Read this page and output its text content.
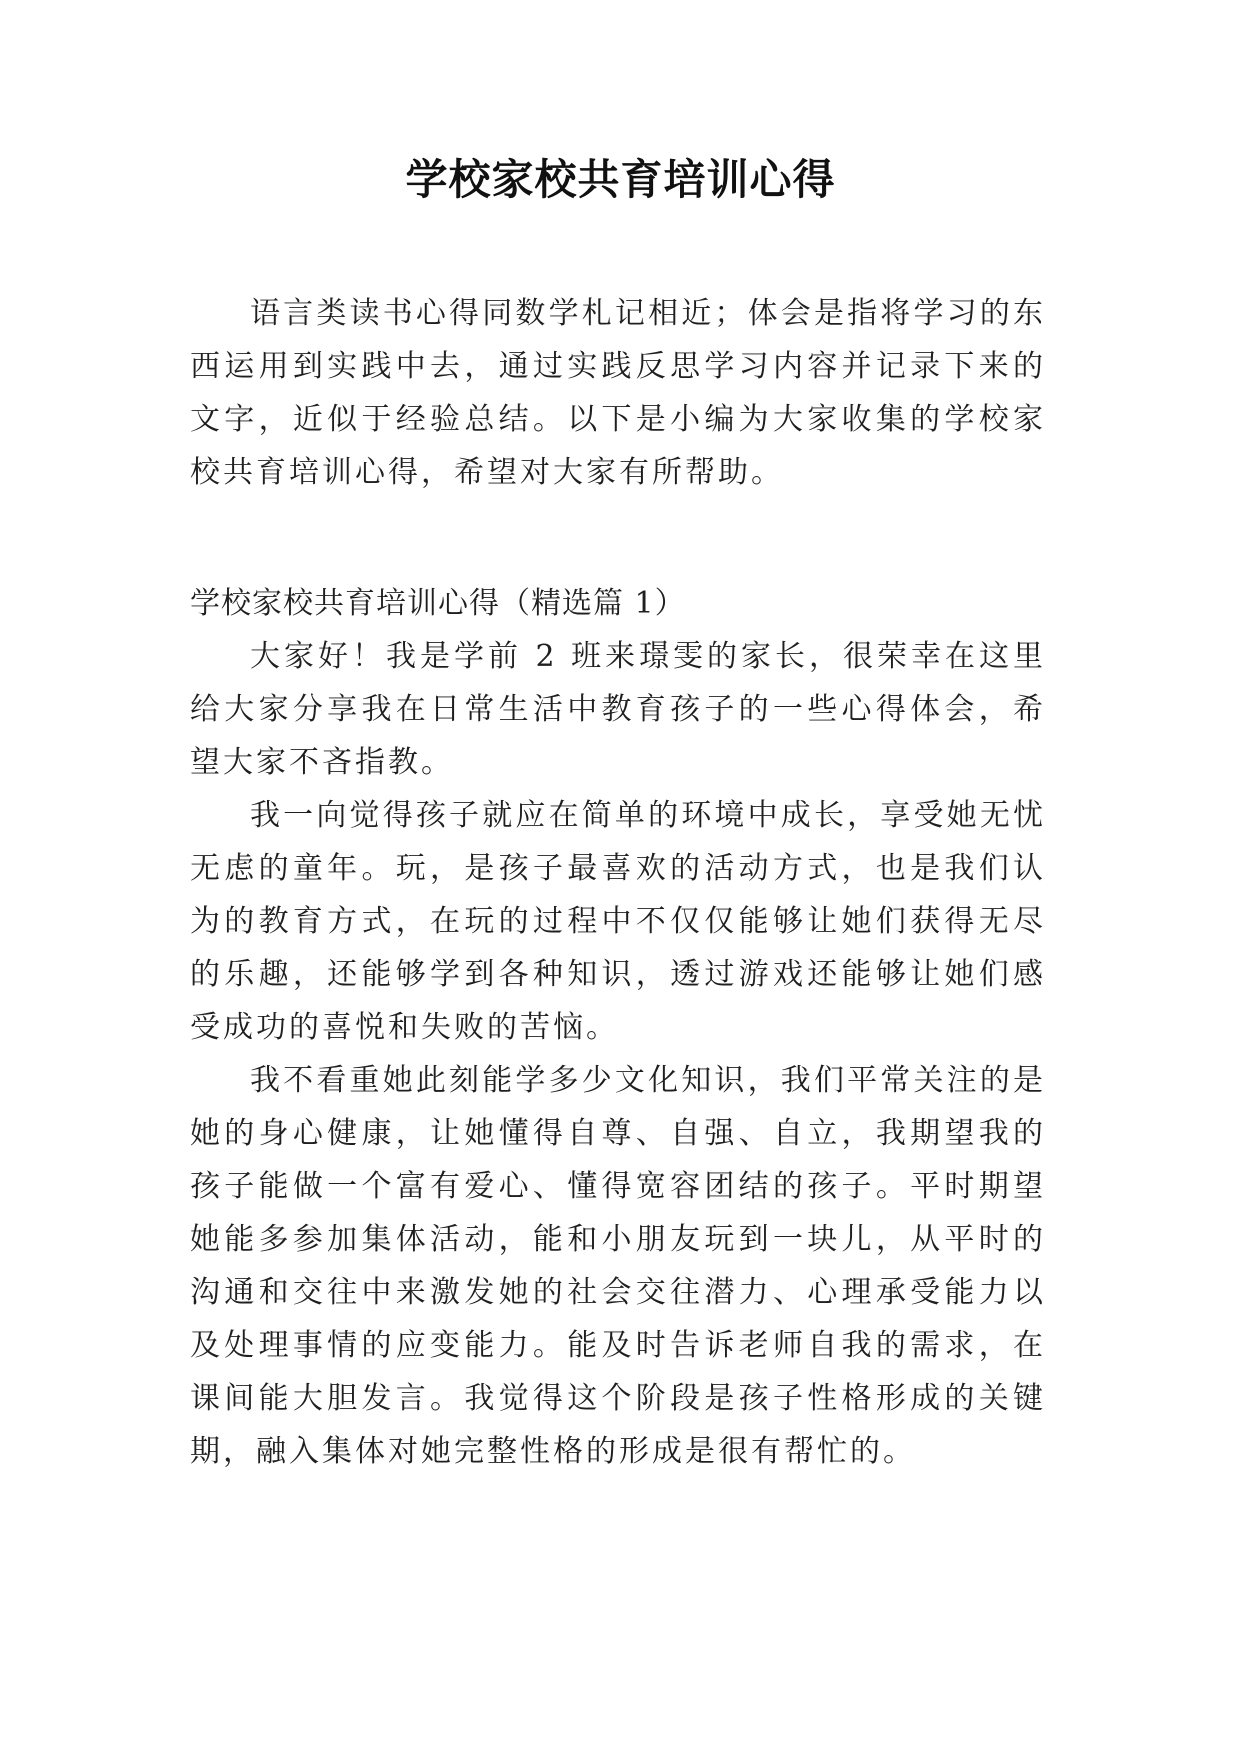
学校家校共育培训心得

语言类读书心得同数学札记相近；体会是指将学习的东西运用到实践中去，通过实践反思学习内容并记录下来的文字，近似于经验总结。以下是小编为大家收集的学校家校共育培训心得，希望对大家有所帮助。

学校家校共育培训心得（精选篇 1）

大家好！我是学前 2 班来璟雯的家长，很荣幸在这里给大家分享我在日常生活中教育孩子的一些心得体会，希望大家不吝指教。

我一向觉得孩子就应在简单的环境中成长，享受她无忧无虑的童年。玩，是孩子最喜欢的活动方式，也是我们认为的教育方式，在玩的过程中不仅仅能够让她们获得无尽的乐趣，还能够学到各种知识，透过游戏还能够让她们感受成功的喜悦和失败的苦恼。

我不看重她此刻能学多少文化知识，我们平常关注的是她的身心健康，让她懂得自尊、自强、自立，我期望我的孩子能做一个富有爱心、懂得宽容团结的孩子。平时期望她能多参加集体活动，能和小朋友玩到一块儿，从平时的沟通和交往中来激发她的社会交往潜力、心理承受能力以及处理事情的应变能力。能及时告诉老师自我的需求，在课间能大胆发言。我觉得这个阶段是孩子性格形成的关键期，融入集体对她完整性格的形成是很有帮忙的。
